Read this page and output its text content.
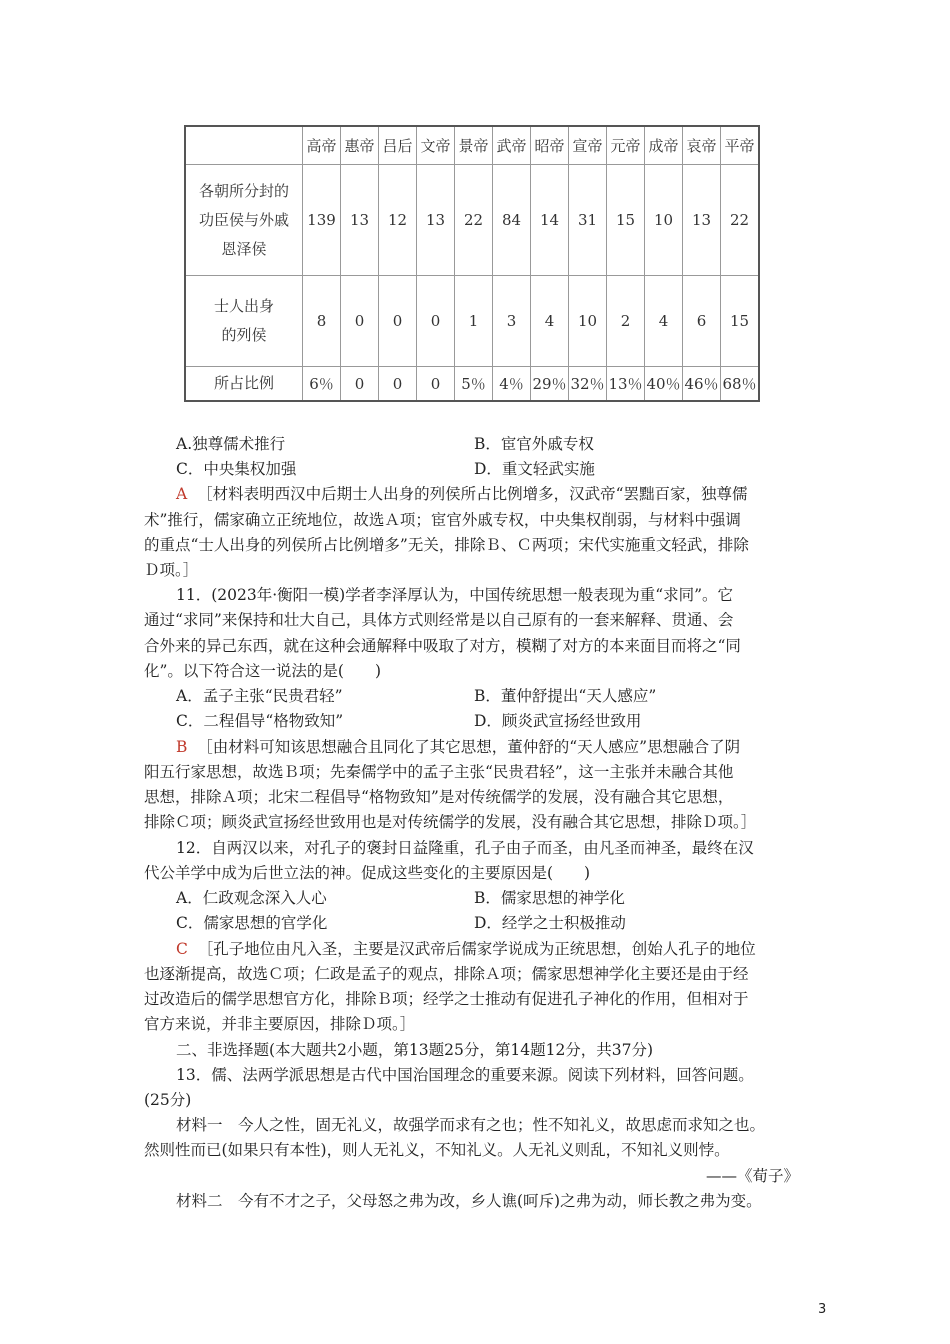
	高帝	惠帝	吕后	文帝	景帝	武帝	昭帝	宣帝	元帝	成帝	哀帝	平帝

各朝所分封的
功臣侯与外戚
恩泽侯	139	13	12	13	22	84	14	31	15	10	13	22

士人出身
的列侯	8	0	0	0	1	3	4	10	2	4	6	15

所占比例	6％	0	0	0	5％	4％	29％	32％	13％	40％	46％	68％
A.独尊儒术推行	B．宦官外戚专权
C．中央集权加强	D．重文轻武实施
A ［材料表明西汉中后期士人出身的列侯所占比例增多，汉武帝“罢黜百家，独尊儒
术”推行，儒家确立正统地位，故选Ａ项；宦官外戚专权，中央集权削弱，与材料中强调
的重点“士人出身的列侯所占比例增多”无关，排除Ｂ、Ｃ两项；宋代实施重文轻武，排除
Ｄ项。］
11．(2023年·衡阳一模)学者李泽厚认为，中国传统思想一般表现为重“求同”。它
通过“求同”来保持和壮大自己，具体方式则经常是以自己原有的一套来解释、贯通、会
合外来的异己东西，就在这种会通解释中吸取了对方，模糊了对方的本来面目而将之“同
化”。以下符合这一说法的是(　　)
A．孟子主张“民贵君轻”	B．董仲舒提出“天人感应”
C．二程倡导“格物致知”	D．顾炎武宣扬经世致用
B ［由材料可知该思想融合且同化了其它思想，董仲舒的“天人感应”思想融合了阴
阳五行家思想，故选Ｂ项；先秦儒学中的孟子主张“民贵君轻”，这一主张并未融合其他
思想，排除Ａ项；北宋二程倡导“格物致知”是对传统儒学的发展，没有融合其它思想，
排除Ｃ项；顾炎武宣扬经世致用也是对传统儒学的发展，没有融合其它思想，排除Ｄ项。］
12．自两汉以来，对孔子的褒封日益隆重，孔子由子而圣，由凡圣而神圣，最终在汉
代公羊学中成为后世立法的神。促成这些变化的主要原因是(　　)
A．仁政观念深入人心	B．儒家思想的神学化
C．儒家思想的官学化	D．经学之士积极推动
C ［孔子地位由凡入圣，主要是汉武帝后儒家学说成为正统思想，创始人孔子的地位
也逐渐提高，故选Ｃ项；仁政是孟子的观点，排除Ａ项；儒家思想神学化主要还是由于经
过改造后的儒学思想官方化，排除Ｂ项；经学之士推动有促进孔子神化的作用，但相对于
官方来说，并非主要原因，排除Ｄ项。］
二、非选择题(本大题共2小题，第13题25分，第14题12分，共37分)
13．儒、法两学派思想是古代中国治国理念的重要来源。阅读下列材料，回答问题。
(25分)
材料一　今人之性，固无礼义，故强学而求有之也；性不知礼义，故思虑而求知之也。
然则性而已(如果只有本性)，则人无礼义，不知礼义。人无礼义则乱，不知礼义则悖。
——《荀子》
材料二　今有不才之子，父母怒之弗为改，乡人谯(呵斥)之弗为动，师长教之弗为变。
3
